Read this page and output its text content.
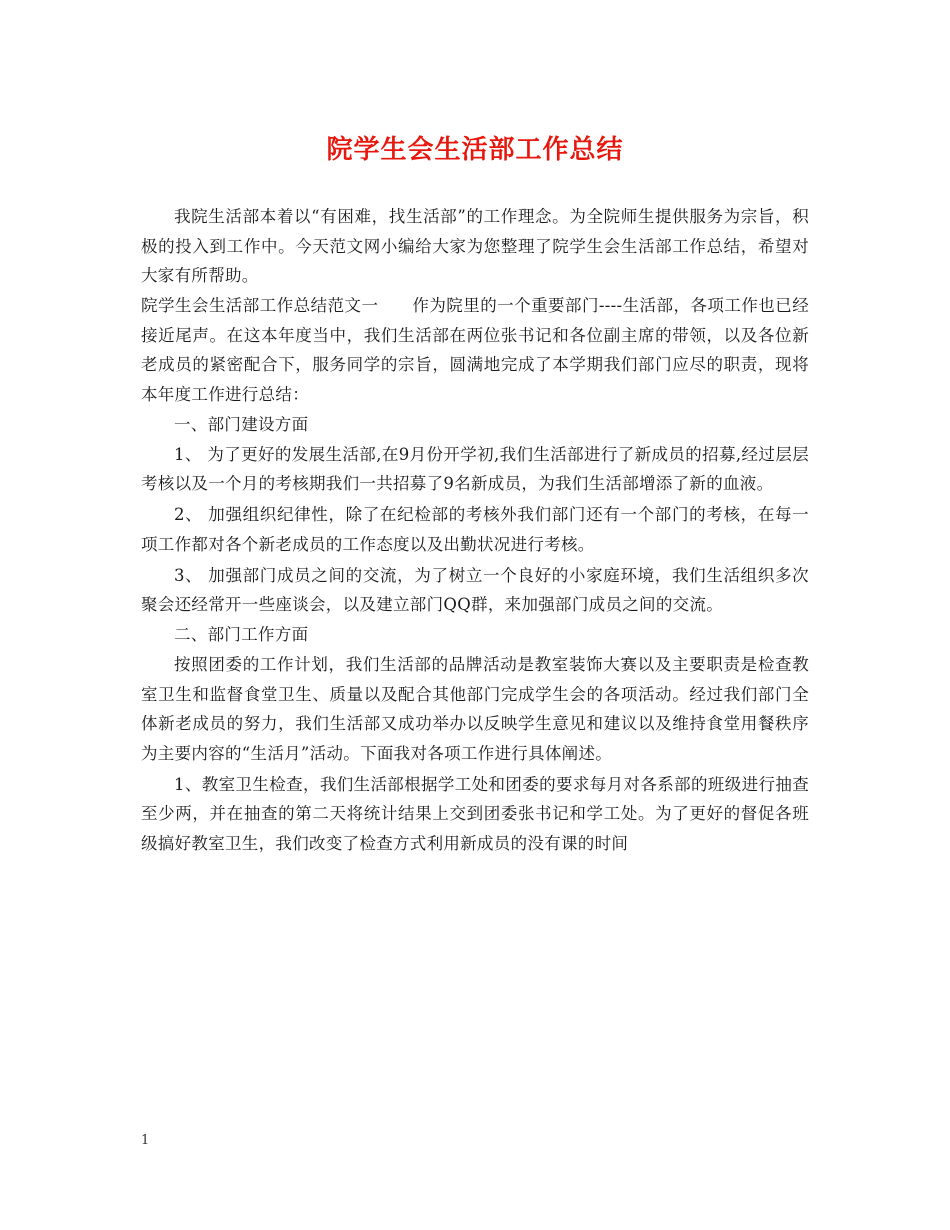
院学生会生活部工作总结

我院生活部本着以“有困难，找生活部”的工作理念。为全院师生提供服务为宗旨，积极的投入到工作中。今天范文网小编给大家为您整理了院学生会生活部工作总结，希望对大家有所帮助。

院学生会生活部工作总结范文一　　作为院里的一个重要部门----生活部，各项工作也已经接近尾声。在这本年度当中，我们生活部在两位张书记和各位副主席的带领，以及各位新老成员的紧密配合下，服务同学的宗旨，圆满地完成了本学期我们部门应尽的职责，现将本年度工作进行总结：

一、部门建设方面

1、 为了更好的发展生活部,在9月份开学初,我们生活部进行了新成员的招募,经过层层考核以及一个月的考核期我们一共招募了9名新成员，为我们生活部增添了新的血液。

2、 加强组织纪律性，除了在纪检部的考核外我们部门还有一个部门的考核，在每一项工作都对各个新老成员的工作态度以及出勤状况进行考核。

3、 加强部门成员之间的交流，为了树立一个良好的小家庭环境，我们生活组织多次聚会还经常开一些座谈会，以及建立部门QQ群，来加强部门成员之间的交流。

二、部门工作方面

按照团委的工作计划，我们生活部的品牌活动是教室装饰大赛以及主要职责是检查教室卫生和监督食堂卫生、质量以及配合其他部门完成学生会的各项活动。经过我们部门全体新老成员的努力，我们生活部又成功举办以反映学生意见和建议以及维持食堂用餐秩序为主要内容的“生活月”活动。下面我对各项工作进行具体阐述。

1、教室卫生检查，我们生活部根据学工处和团委的要求每月对各系部的班级进行抽查至少两，并在抽查的第二天将统计结果上交到团委张书记和学工处。为了更好的督促各班级搞好教室卫生，我们改变了检查方式利用新成员的没有课的时间

1
